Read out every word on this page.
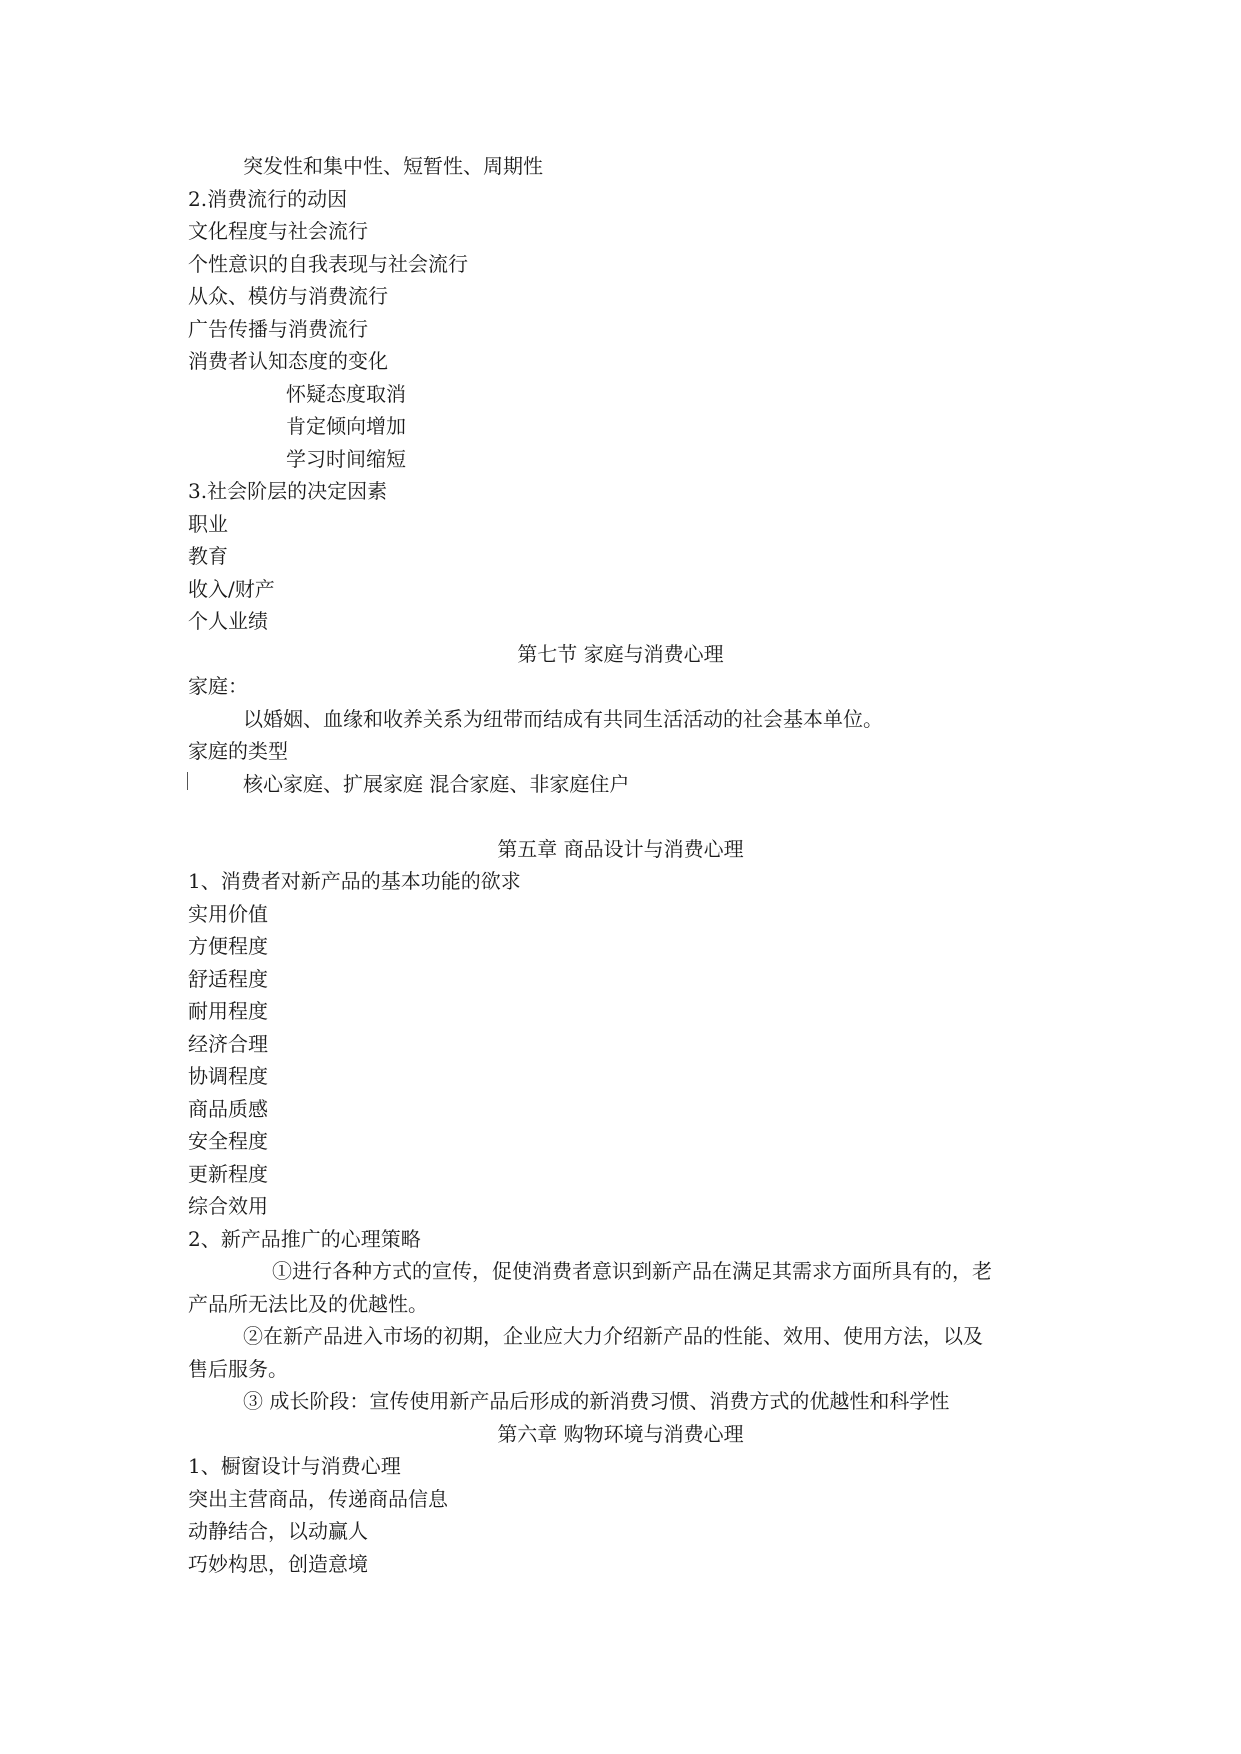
突发性和集中性、短暂性、周期性
2.消费流行的动因
文化程度与社会流行
个性意识的自我表现与社会流行
从众、模仿与消费流行
广告传播与消费流行
消费者认知态度的变化
怀疑态度取消
肯定倾向增加
学习时间缩短
3.社会阶层的决定因素
职业
教育
收入/财产
个人业绩
第七节 家庭与消费心理
家庭：
以婚姻、血缘和收养关系为纽带而结成有共同生活活动的社会基本单位。
家庭的类型
核心家庭、扩展家庭 混合家庭、非家庭住户
第五章 商品设计与消费心理
1、消费者对新产品的基本功能的欲求
实用价值
方便程度
舒适程度
耐用程度
经济合理
协调程度
商品质感
安全程度
更新程度
综合效用
2、新产品推广的心理策略
①进行各种方式的宣传，促使消费者意识到新产品在满足其需求方面所具有的，老
产品所无法比及的优越性。
②在新产品进入市场的初期，企业应大力介绍新产品的性能、效用、使用方法，以及
售后服务。
③ 成长阶段：宣传使用新产品后形成的新消费习惯、消费方式的优越性和科学性
第六章 购物环境与消费心理
1、橱窗设计与消费心理
突出主营商品，传递商品信息
动静结合，以动赢人
巧妙构思，创造意境
